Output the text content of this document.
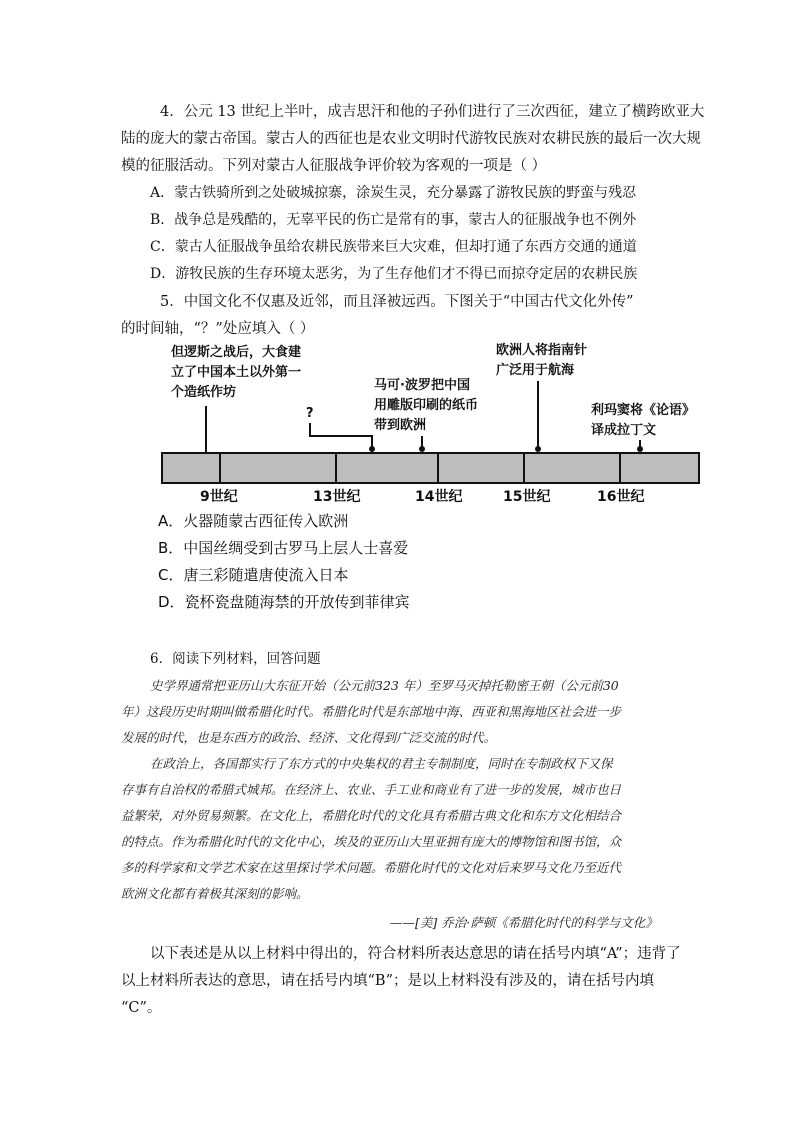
4．公元 13 世纪上半叶，成吉思汗和他的子孙们进行了三次西征，建立了横跨欧亚大
陆的庞大的蒙古帝国。蒙古人的西征也是农业文明时代游牧民族对农耕民族的最后一次大规
模的征服活动。下列对蒙古人征服战争评价较为客观的一项是（ ）
A．蒙古铁骑所到之处破城掠寨，涂炭生灵，充分暴露了游牧民族的野蛮与残忍
B．战争总是残酷的，无辜平民的伤亡是常有的事，蒙古人的征服战争也不例外
C．蒙古人征服战争虽给农耕民族带来巨大灾难，但却打通了东西方交通的通道
D．游牧民族的生存环境太恶劣，为了生存他们才不得已而掠夺定居的农耕民族
5．中国文化不仅惠及近邻，而且泽被远西。下图关于“中国古代文化外传”
的时间轴，“？”处应填入（ ）
但逻斯之战后，大食建
立了中国本土以外第一
个造纸作坊	马可·波罗把中国
用雕版印刷的纸币
带到欧洲
欧洲人将指南针
广泛用于航海
利玛窦将《论语》
译成拉丁文
?
9世纪	13世纪	14世纪	15世纪	16世纪
A．火器随蒙古西征传入欧洲
B．中国丝绸受到古罗马上层人士喜爱
C．唐三彩随遣唐使流入日本
D．瓷杯瓷盘随海禁的开放传到菲律宾
6．阅读下列材料，回答问题
史学界通常把亚历山大东征开始（公元前323 年）至罗马灭掉托勒密王朝（公元前30
年）这段历史时期叫做希腊化时代。希腊化时代是东部地中海、西亚和黑海地区社会进一步
发展的时代，也是东西方的政治、经济、文化得到广泛交流的时代。
在政治上，各国都实行了东方式的中央集权的君主专制制度，同时在专制政权下又保
存事有自治权的希腊式城邦。在经济上、农业、手工业和商业有了进一步的发展，城市也日
益繁荣，对外贸易频繁。在文化上，希腊化时代的文化具有希腊古典文化和东方文化相结合
的特点。作为希腊化时代的文化中心，埃及的亚历山大里亚拥有庞大的博物馆和图书馆，众
多的科学家和文学艺术家在这里探讨学术问题。希腊化时代的文化对后来罗马文化乃至近代
欧洲文化都有着极其深刻的影响。
——[美] 乔治·萨顿《希腊化时代的科学与文化》
以下表述是从以上材料中得出的，符合材料所表达意思的请在括号内填“A”；违背了
以上材料所表达的意思，请在括号内填“B”；是以上材料没有涉及的，请在括号内填
“C”。
